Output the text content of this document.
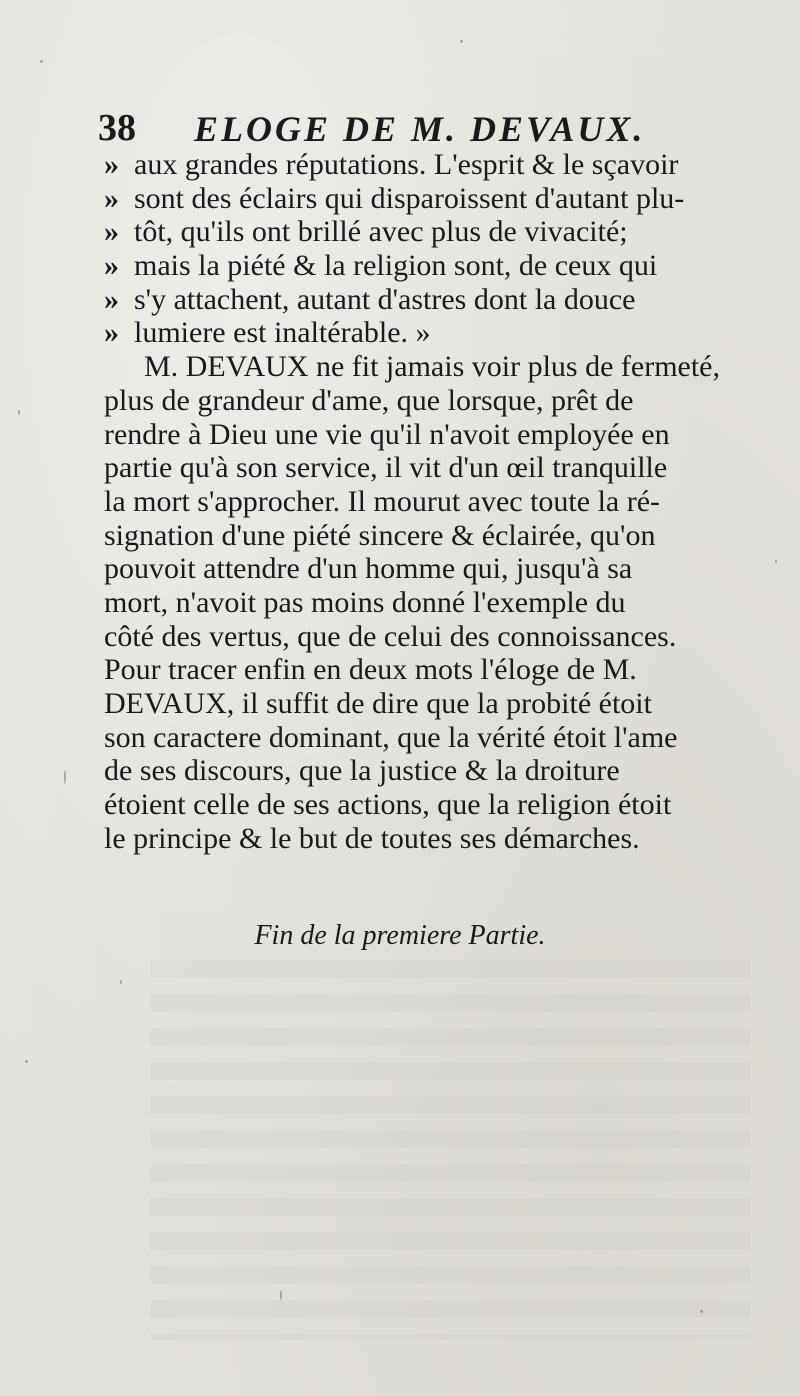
38 ELOGE DE M. DEVAUX.
» aux grandes réputations. L'esprit & le sçavoir
» sont des éclairs qui disparoissent d'autant plu-
» tôt, qu'ils ont brillé avec plus de vivacité;
» mais la piété & la religion sont, de ceux qui
» s'y attachent, autant d'astres dont la douce
» lumiere est inaltérable. »
M. DEVAUX ne fit jamais voir plus de fermeté,
plus de grandeur d'ame, que lorsque, prêt de
rendre à Dieu une vie qu'il n'avoit employée en
partie qu'à son service, il vit d'un œil tranquille
la mort s'approcher. Il mourut avec toute la ré-
signation d'une piété sincere & éclairée, qu'on
pouvoit attendre d'un homme qui, jusqu'à sa
mort, n'avoit pas moins donné l'exemple du
côté des vertus, que de celui des connoissances.
Pour tracer enfin en deux mots l'éloge de M.
DEVAUX, il suffit de dire que la probité étoit
son caractere dominant, que la vérité étoit l'ame
de ses discours, que la justice & la droiture
étoient celle de ses actions, que la religion étoit
le principe & le but de toutes ses démarches.
Fin de la premiere Partie.
